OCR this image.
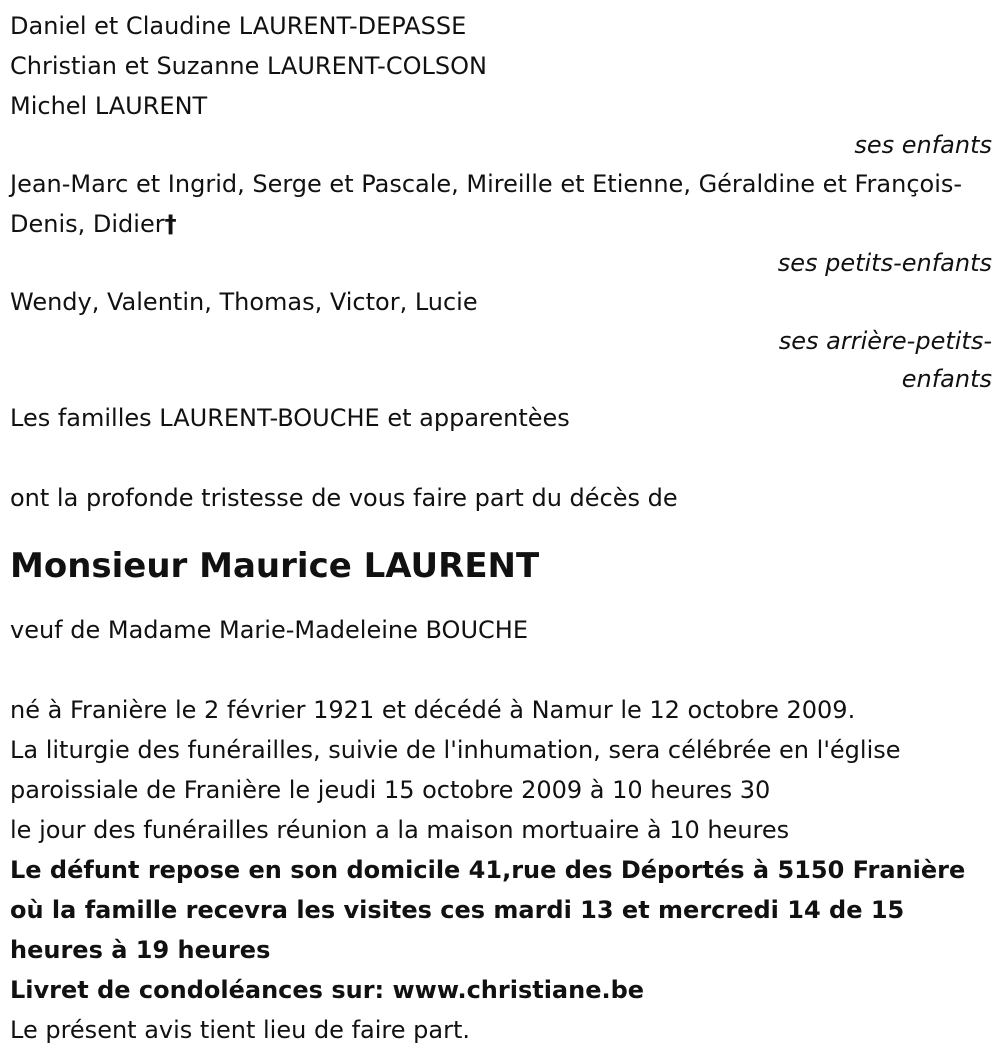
Daniel et Claudine LAURENT-DEPASSE
Christian et Suzanne LAURENT-COLSON
Michel LAURENT
ses enfants
Jean-Marc et Ingrid, Serge et Pascale, Mireille et Etienne, Géraldine et François-Denis, Didier†
ses petits-enfants
Wendy, Valentin, Thomas, Victor, Lucie
ses arrière-petits-enfants
Les familles LAURENT-BOUCHE et apparentèes
ont la profonde tristesse de vous faire part du décès de
Monsieur Maurice LAURENT
veuf de Madame Marie-Madeleine BOUCHE
né à Franière le 2 février 1921 et décédé à Namur le 12 octobre 2009.
La liturgie des funérailles, suivie de l'inhumation, sera célébrée en l'église paroissiale de Franière le jeudi 15 octobre 2009 à 10 heures 30
le jour des funérailles réunion a la maison mortuaire à 10 heures
Le défunt repose en son domicile 41,rue des Déportés à 5150 Franière où la famille recevra les visites ces mardi 13 et mercredi 14 de 15 heures à 19 heures
Livret de condoléances sur: www.christiane.be
Le présent avis tient lieu de faire part.
